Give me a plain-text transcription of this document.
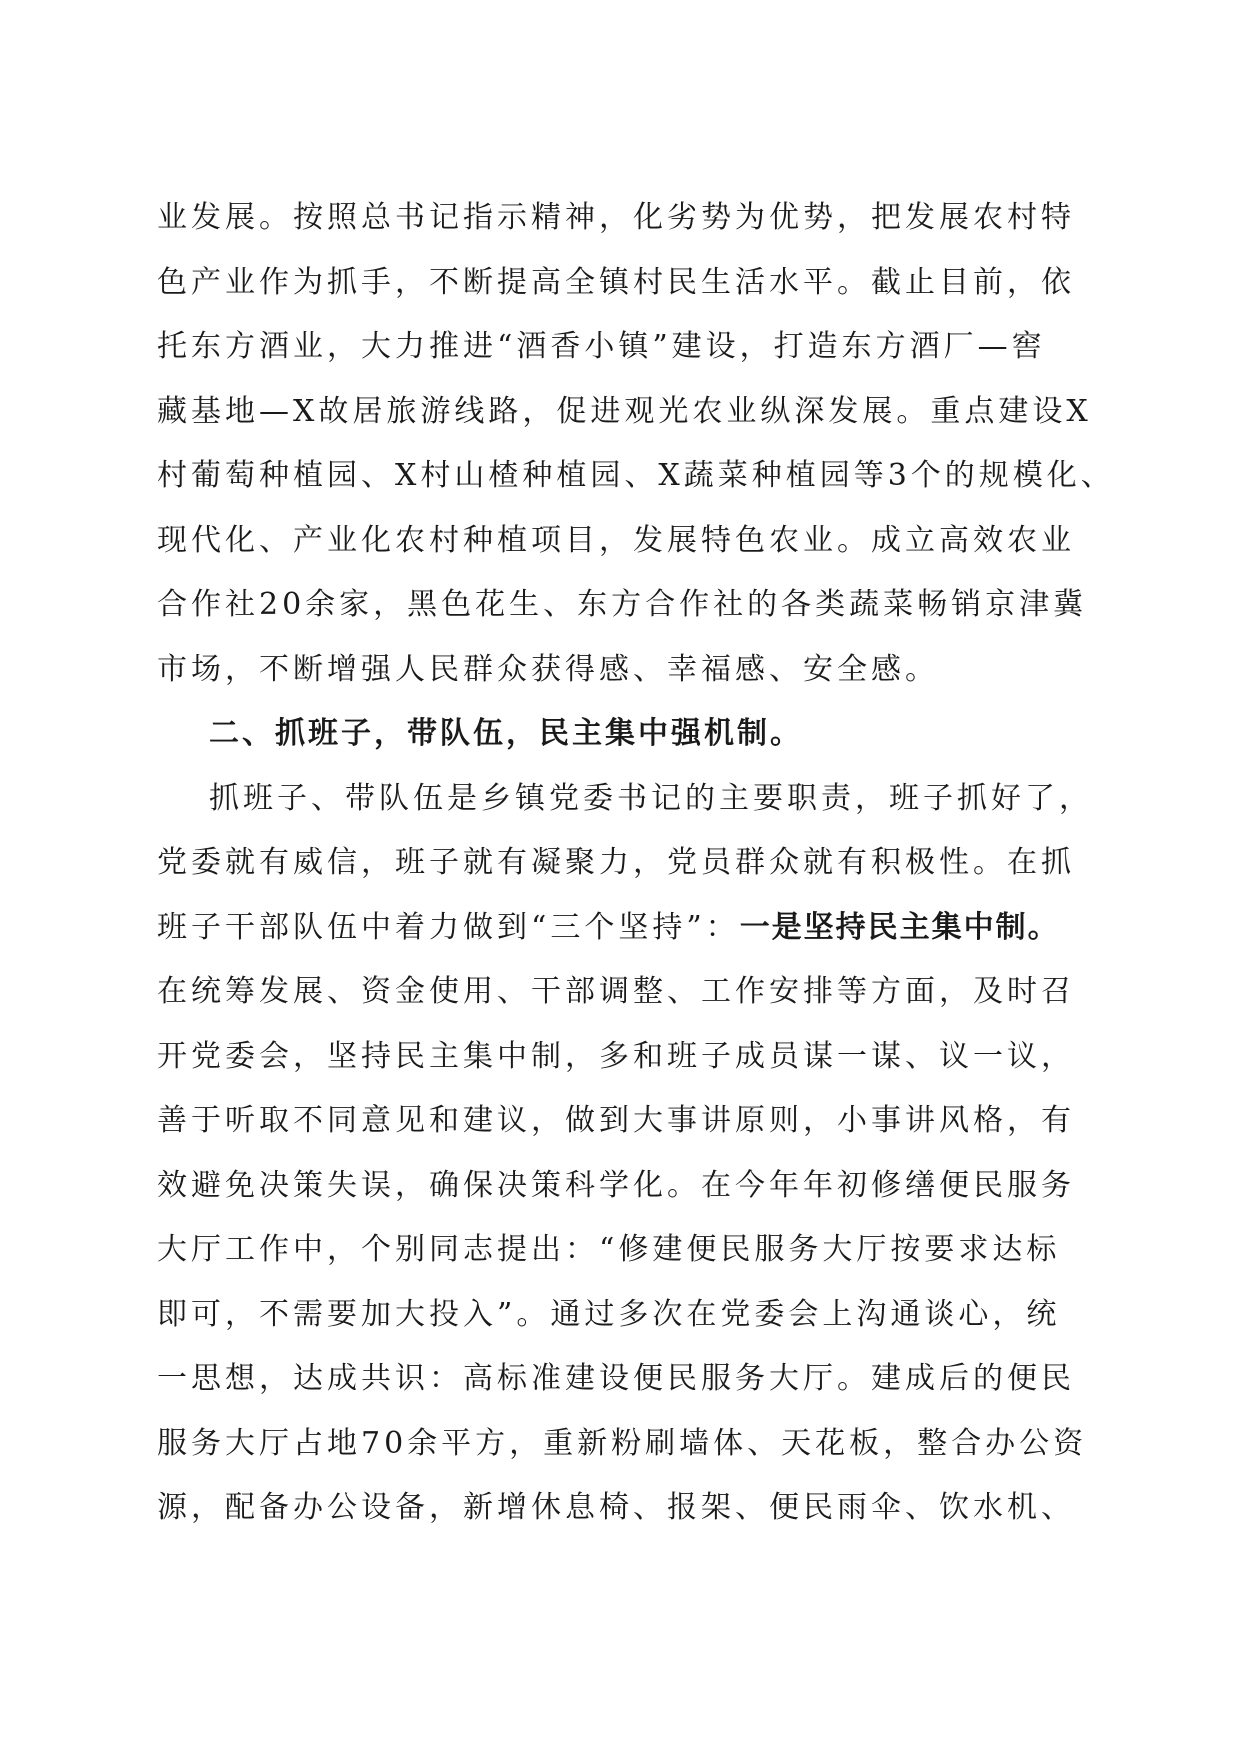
业发展。按照总书记指示精神，化劣势为优势，把发展农村特

色产业作为抓手，不断提高全镇村民生活水平。截止目前，依

托东方酒业，大力推进“酒香小镇”建设，打造东方酒厂—窖

藏基地—X故居旅游线路，促进观光农业纵深发展。重点建设X

村葡萄种植园、X村山楂种植园、X蔬菜种植园等3个的规模化、

现代化、产业化农村种植项目，发展特色农业。成立高效农业

合作社20余家，黑色花生、东方合作社的各类蔬菜畅销京津冀

市场，不断增强人民群众获得感、幸福感、安全感。

二、抓班子，带队伍，民主集中强机制。

抓班子、带队伍是乡镇党委书记的主要职责，班子抓好了，

党委就有威信，班子就有凝聚力，党员群众就有积极性。在抓

班子干部队伍中着力做到“三个坚持”：一是坚持民主集中制。

在统筹发展、资金使用、干部调整、工作安排等方面，及时召

开党委会，坚持民主集中制，多和班子成员谋一谋、议一议，

善于听取不同意见和建议，做到大事讲原则，小事讲风格，有

效避免决策失误，确保决策科学化。在今年年初修缮便民服务

大厅工作中，个别同志提出：“修建便民服务大厅按要求达标

即可，不需要加大投入”。通过多次在党委会上沟通谈心，统

一思想，达成共识：高标准建设便民服务大厅。建成后的便民

服务大厅占地70余平方，重新粉刷墙体、天花板，整合办公资

源，配备办公设备，新增休息椅、报架、便民雨伞、饮水机、
